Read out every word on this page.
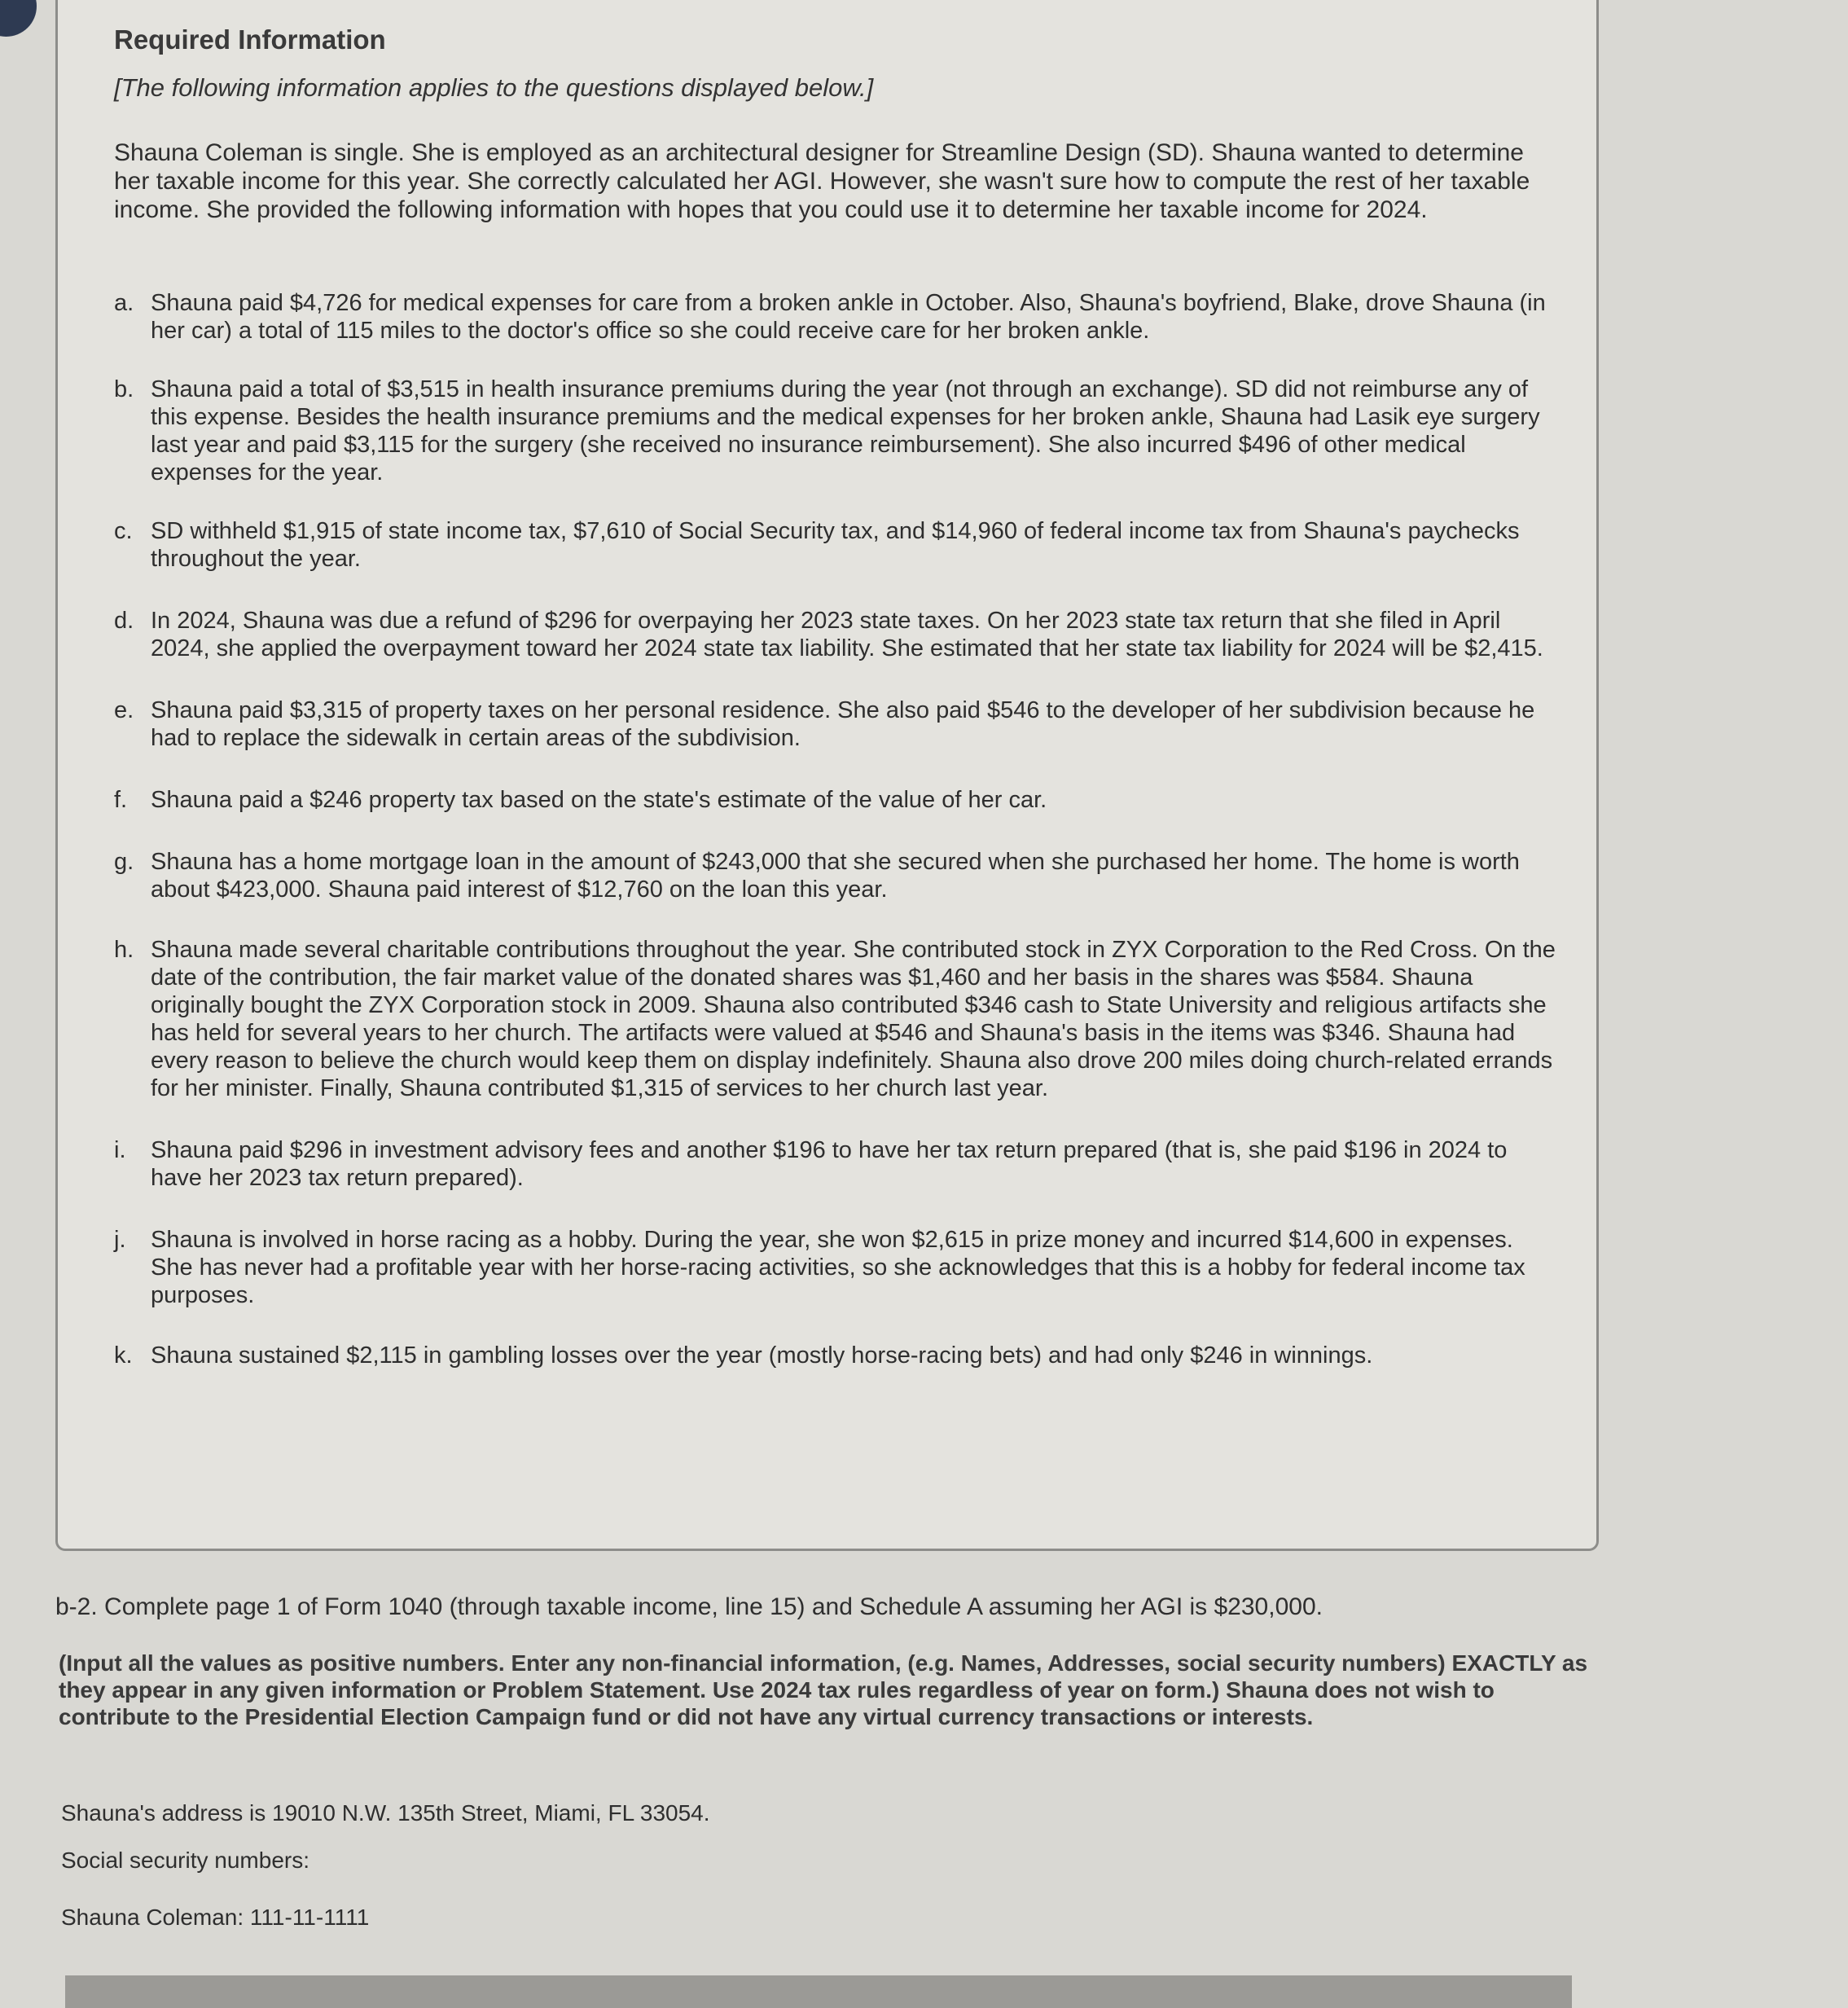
Required Information
[The following information applies to the questions displayed below.]
Shauna Coleman is single. She is employed as an architectural designer for Streamline Design (SD). Shauna wanted to determine her taxable income for this year. She correctly calculated her AGI. However, she wasn't sure how to compute the rest of her taxable income. She provided the following information with hopes that you could use it to determine her taxable income for 2024.
a. Shauna paid $4,726 for medical expenses for care from a broken ankle in October. Also, Shauna's boyfriend, Blake, drove Shauna (in her car) a total of 115 miles to the doctor's office so she could receive care for her broken ankle.
b. Shauna paid a total of $3,515 in health insurance premiums during the year (not through an exchange). SD did not reimburse any of this expense. Besides the health insurance premiums and the medical expenses for her broken ankle, Shauna had Lasik eye surgery last year and paid $3,115 for the surgery (she received no insurance reimbursement). She also incurred $496 of other medical expenses for the year.
c. SD withheld $1,915 of state income tax, $7,610 of Social Security tax, and $14,960 of federal income tax from Shauna's paychecks throughout the year.
d. In 2024, Shauna was due a refund of $296 for overpaying her 2023 state taxes. On her 2023 state tax return that she filed in April 2024, she applied the overpayment toward her 2024 state tax liability. She estimated that her state tax liability for 2024 will be $2,415.
e. Shauna paid $3,315 of property taxes on her personal residence. She also paid $546 to the developer of her subdivision because he had to replace the sidewalk in certain areas of the subdivision.
f. Shauna paid a $246 property tax based on the state's estimate of the value of her car.
g. Shauna has a home mortgage loan in the amount of $243,000 that she secured when she purchased her home. The home is worth about $423,000. Shauna paid interest of $12,760 on the loan this year.
h. Shauna made several charitable contributions throughout the year. She contributed stock in ZYX Corporation to the Red Cross. On the date of the contribution, the fair market value of the donated shares was $1,460 and her basis in the shares was $584. Shauna originally bought the ZYX Corporation stock in 2009. Shauna also contributed $346 cash to State University and religious artifacts she has held for several years to her church. The artifacts were valued at $546 and Shauna's basis in the items was $346. Shauna had every reason to believe the church would keep them on display indefinitely. Shauna also drove 200 miles doing church-related errands for her minister. Finally, Shauna contributed $1,315 of services to her church last year.
i.	Shauna paid $296 in investment advisory fees and another $196 to have her tax return prepared (that is, she paid $196 in 2024 to have her 2023 tax return prepared).
j.	Shauna is involved in horse racing as a hobby. During the year, she won $2,615 in prize money and incurred $14,600 in expenses. She has never had a profitable year with her horse-racing activities, so she acknowledges that this is a hobby for federal income tax purposes.
k. Shauna sustained $2,115 in gambling losses over the year (mostly horse-racing bets) and had only $246 in winnings.
b-2. Complete page 1 of Form 1040 (through taxable income, line 15) and Schedule A assuming her AGI is $230,000.
(Input all the values as positive numbers. Enter any non-financial information, (e.g. Names, Addresses, social security numbers) EXACTLY as they appear in any given information or Problem Statement. Use 2024 tax rules regardless of year on form.) Shauna does not wish to contribute to the Presidential Election Campaign fund or did not have any virtual currency transactions or interests.
Shauna's address is 19010 N.W. 135th Street, Miami, FL 33054.
Social security numbers:
Shauna Coleman: 111-11-1111
